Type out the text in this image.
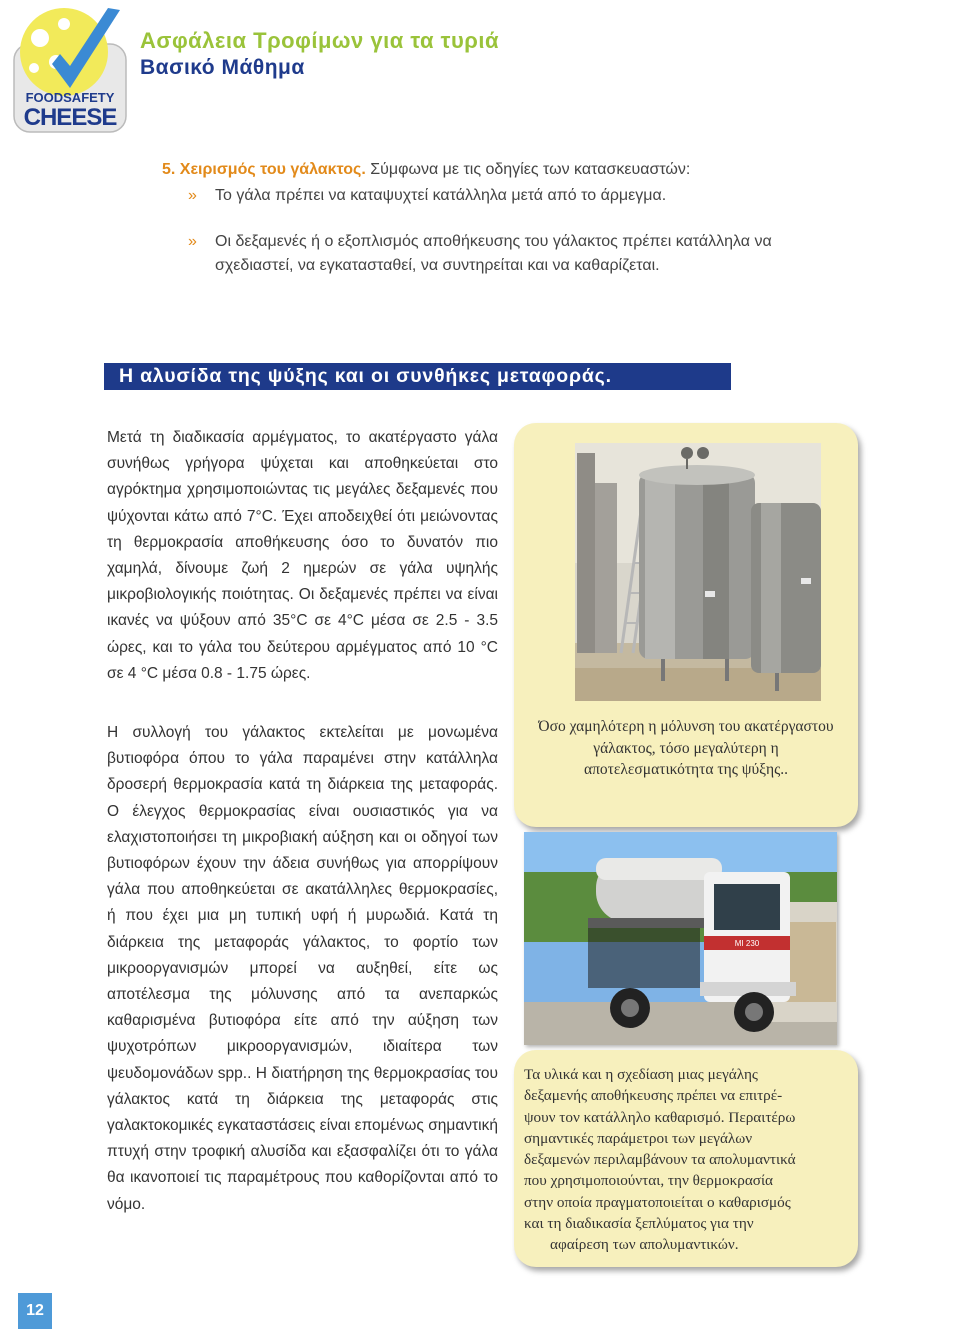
FOODSAFETY
CHEESE
Ασφάλεια Τροφίμων για τα τυριά
Βασικό Μάθημα
5. Χειρισμός του γάλακτος. Σύμφωνα με τις οδηγίες των κατασκευαστών:
»	Το γάλα πρέπει να καταψυχτεί κατάλληλα μετά από το άρμεγμα.
»	Οι δεξαμενές ή ο εξοπλισμός αποθήκευσης του γάλακτος πρέπει κατάλληλα να σχεδιαστεί, να εγκατασταθεί, να συντηρείται και να καθαρίζεται.
Η αλυσίδα της ψύξης και οι συνθήκες μεταφοράς.
Μετά τη διαδικασία αρμέγματος, το ακατέργαστο γάλα συνήθως γρήγορα ψύχεται και αποθηκεύεται στο αγρόκτημα χρησιμοποιώντας τις μεγάλες δεξαμενές που ψύχονται κάτω από 7°C. Έχει αποδειχθεί ότι μειώνοντας τη θερμοκρασία αποθήκευσης όσο το δυνατόν πιο χαμηλά, δίνουμε ζωή 2 ημερών σε γάλα υψηλής μικροβιολογικής ποιότητας. Οι δεξαμενές πρέπει να είναι ικανές να ψύξουν από 35°C σε 4°C μέσα σε 2.5 - 3.5 ώρες, και το γάλα του δεύτερου αρμέγματος από 10 °C σε 4 °C μέσα 0.8 - 1.75 ώρες.
Η συλλογή του γάλακτος εκτελείται με μονωμένα βυτιοφόρα όπου το γάλα παραμένει στην κατάλληλα δροσερή θερμοκρασία κατά τη διάρκεια της μεταφοράς. Ο έλεγχος θερμοκρασίας είναι ουσιαστικός για να ελαχιστοποιήσει τη μικροβιακή αύξηση και οι οδηγοί των βυτιοφόρων έχουν την άδεια συνήθως για απορρίψουν γάλα που αποθηκεύεται σε ακατάλληλες θερμοκρασίες, ή που έχει μια μη τυπική υφή ή μυρωδιά. Κατά τη διάρκεια της μεταφοράς γάλακτος, το φορτίο των μικροοργανισμών μπορεί να αυξηθεί, είτε ως αποτέλεσμα της μόλυνσης από τα ανεπαρκώς καθαρισμένα βυτιοφόρα είτε από την αύξηση των ψυχοτρόπων μικροοργανισμών, ιδιαίτερα των ψευδομονάδων spp.. Η διατήρηση της θερμοκρασίας του γάλακτος κατά τη διάρκεια της μεταφοράς στις γαλακτοκομικές εγκαταστάσεις είναι επομένως σημαντική πτυχή στην τροφική αλυσίδα και εξασφαλίζει ότι το γάλα θα ικανοποιεί τις παραμέτρους που καθορίζονται από το νόμο.
Όσο χαμηλότερη η μόλυνση του ακατέργαστου γάλακτος, τόσο μεγαλύτερη η αποτελεσματικότητα της ψύξης..
MI 230
Τα υλικά και η σχεδίαση μιας μεγάλης
δεξαμενής αποθήκευσης πρέπει να επιτρέ-
ψουν τον κατάλληλο καθαρισμό. Περαιτέρω
σημαντικές παράμετροι των μεγάλων
δεξαμενών περιλαμβάνουν τα απολυμαντικά
που χρησιμοποιούνται, την θερμοκρασία
στην οποία πραγματοποιείται ο καθαρισμός
και τη διαδικασία ξεπλύματος για την
αφαίρεση των απολυμαντικών.
12
